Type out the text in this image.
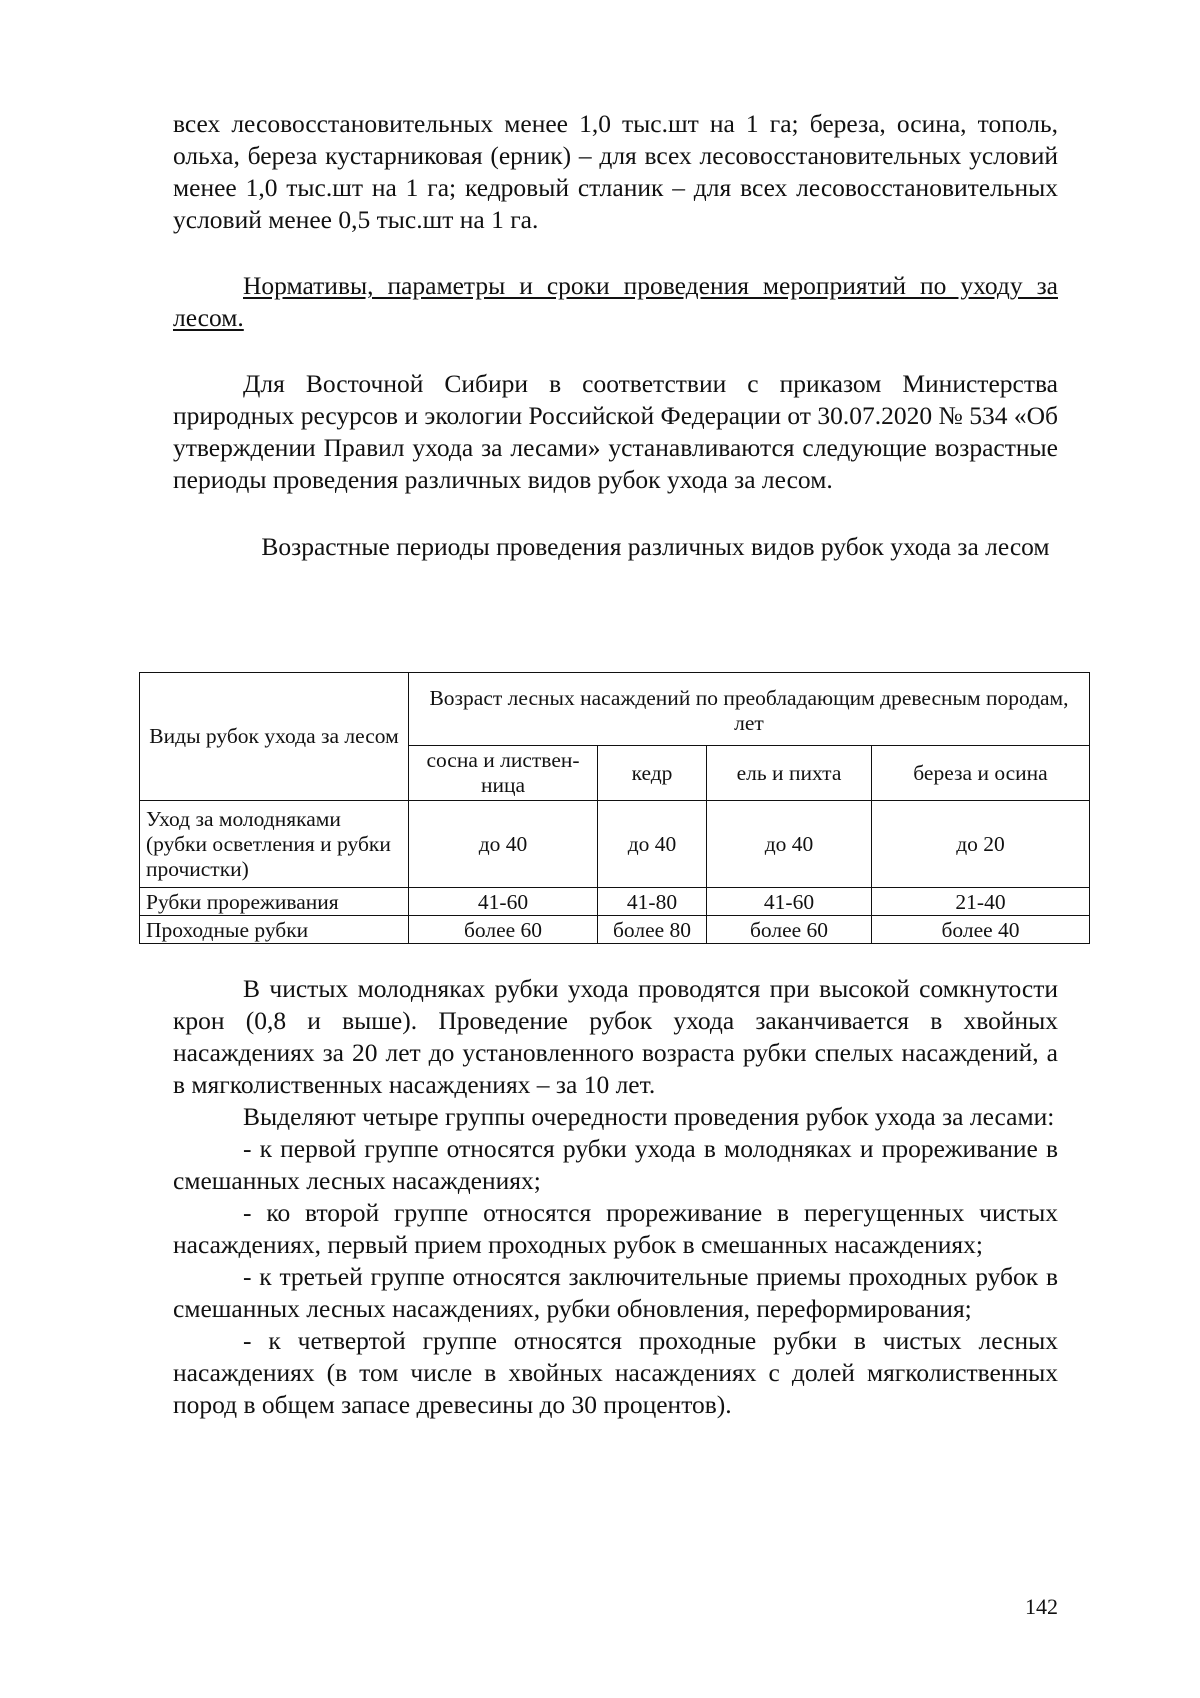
всех лесовосстановительных менее 1,0 тыс.шт на 1 га; береза, осина, тополь, ольха, береза кустарниковая (ерник) – для всех лесовосстановительных условий менее 1,0 тыс.шт на 1 га; кедровый стланик – для всех лесовосстановительных условий менее 0,5 тыс.шт на 1 га.

Нормативы, параметры и сроки проведения мероприятий по уходу за лесом.

Для Восточной Сибири в соответствии с приказом Министерства природных ресурсов и экологии Российской Федерации от 30.07.2020 № 534 «Об утверждении Правил ухода за лесами» устанавливаются следующие возрастные периоды проведения различных видов рубок ухода за лесом.

Возрастные периоды проведения различных видов рубок ухода за лесом

Виды рубок ухода за лесом	Возраст лесных насаждений по преобладающим древесным породам, лет			
	сосна и листвен-ница	кедр	ель и пихта	береза и осина
Уход за молодняками (рубки осветления и рубки прочистки)	до 40	до 40	до 40	до 20
Рубки прореживания	41-60	41-80	41-60	21-40
Проходные рубки	более 60	более 80	более 60	более 40

В чистых молодняках рубки ухода проводятся при высокой сомкнутости крон (0,8 и выше). Проведение рубок ухода заканчивается в хвойных насаждениях за 20 лет до установленного возраста рубки спелых насаждений, а в мягколиственных насаждениях – за 10 лет.

Выделяют четыре группы очередности проведения рубок ухода за лесами:

- к первой группе относятся рубки ухода в молодняках и прореживание в смешанных лесных насаждениях;

- ко второй группе относятся прореживание в перегущенных чистых насаждениях, первый прием проходных рубок в смешанных насаждениях;

- к третьей группе относятся заключительные приемы проходных рубок в смешанных лесных насаждениях, рубки обновления, переформирования;

- к четвертой группе относятся проходные рубки в чистых лесных насаждениях (в том числе в хвойных насаждениях с долей мягколиственных пород в общем запасе древесины до 30 процентов).

142
